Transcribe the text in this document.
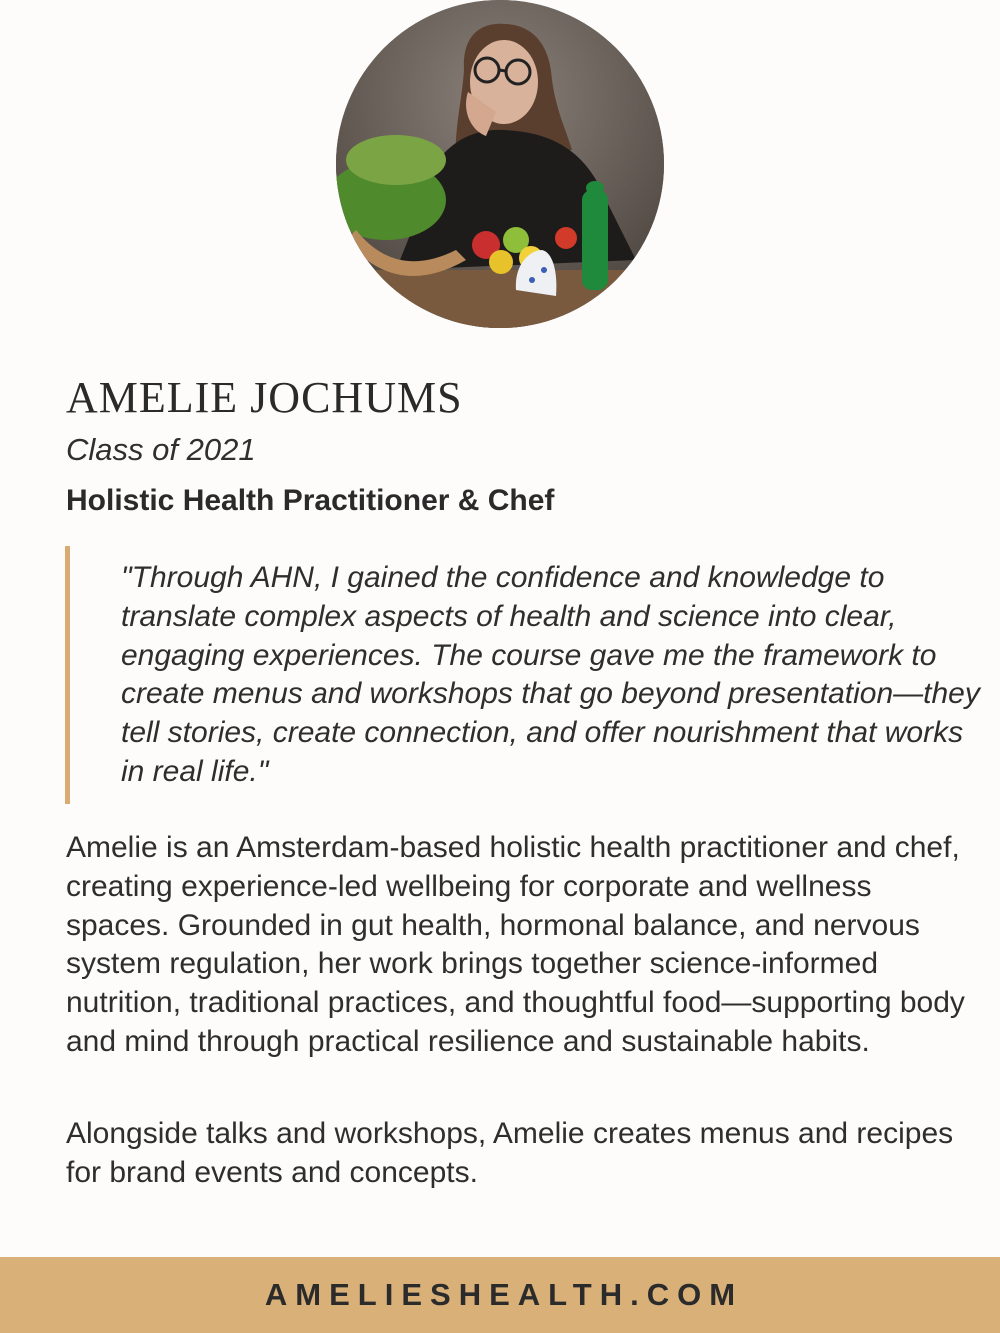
AMELIE JOCHUMS
Class of 2021
Holistic Health Practitioner & Chef
"Through AHN, I gained the confidence and knowledge to translate complex aspects of health and science into clear, engaging experiences. The course gave me the framework to create menus and workshops that go beyond presentation—they tell stories, create connection, and offer nourishment that works in real life."

Amelie is an Amsterdam-based holistic health practitioner and chef, creating experience-led wellbeing for corporate and wellness spaces. Grounded in gut health, hormonal balance, and nervous system regulation, her work brings together science-informed nutrition, traditional practices, and thoughtful food—supporting body and mind through practical resilience and sustainable habits.

Alongside talks and workshops, Amelie creates menus and recipes for brand events and concepts.

AMELIESHEALTH.COM
